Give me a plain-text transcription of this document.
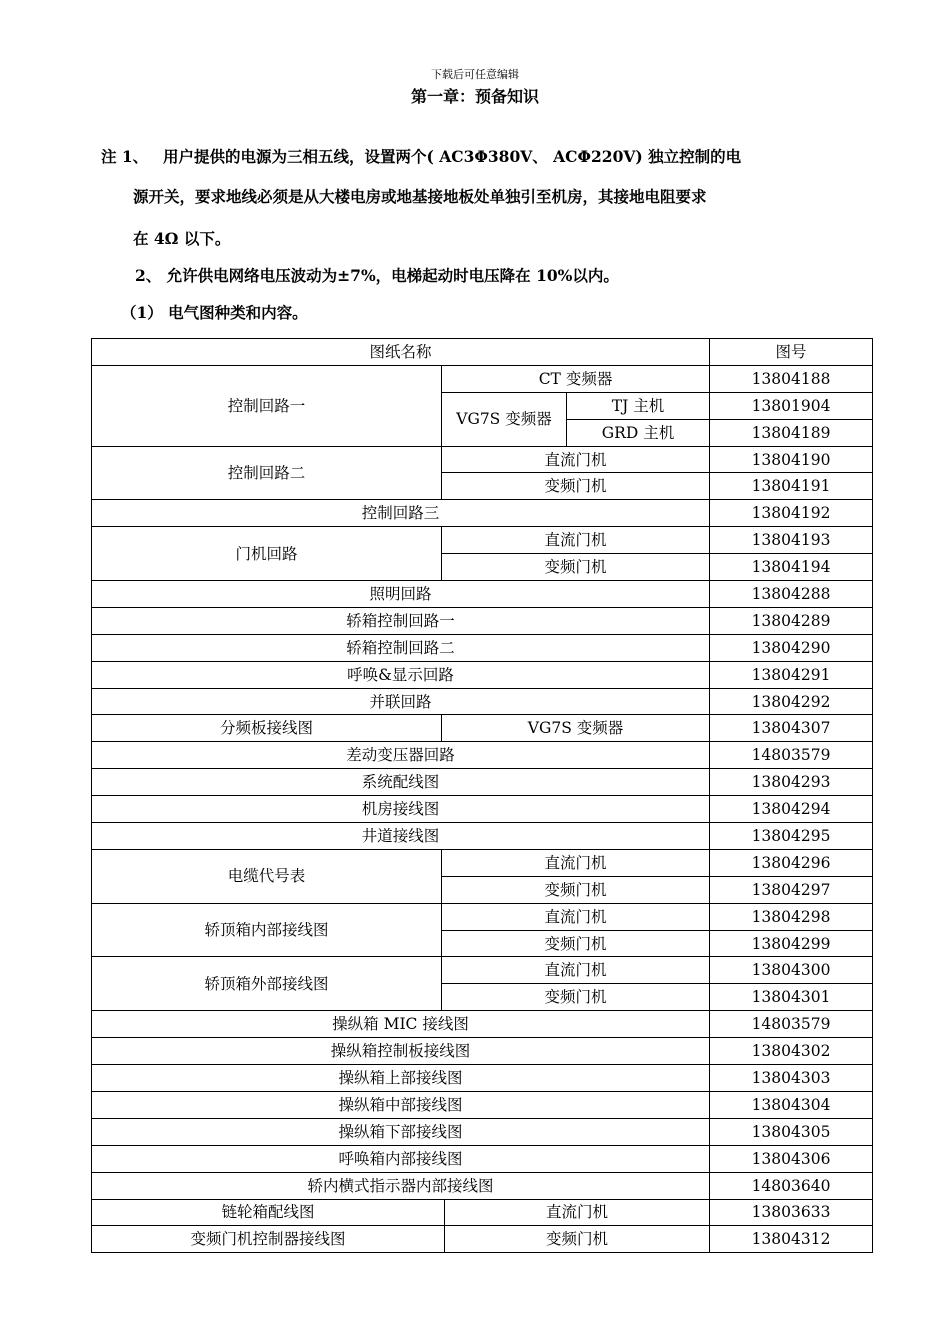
下载后可任意编辑
第一章：预备知识
注 1、 用户提供的电源为三相五线，设置两个( AC3Φ380V、 ACΦ220V) 独立控制的电
源开关，要求地线必须是从大楼电房或地基接地板处单独引至机房，其接地电阻要求
在 4Ω 以下。
2、 允许供电网络电压波动为±7%，电梯起动时电压降在 10%以内。
（1） 电气图种类和内容。
图纸名称				图号
控制回路一	CT 变频器			13804188
	VG7S 变频器		TJ 主机	13801904
			GRD 主机	13804189
控制回路二	直流门机			13804190
	变频门机			13804191
控制回路三				13804192
门机回路	直流门机			13804193
	变频门机			13804194
照明回路				13804288
轿箱控制回路一				13804289
轿箱控制回路二				13804290
呼唤&显示回路				13804291
并联回路				13804292
分频板接线图	VG7S 变频器			13804307
差动变压器回路				14803579
系统配线图				13804293
机房接线图				13804294
井道接线图				13804295
电缆代号表	直流门机			13804296
	变频门机			13804297
轿顶箱内部接线图	直流门机			13804298
	变频门机			13804299
轿顶箱外部接线图	直流门机			13804300
	变频门机			13804301
操纵箱 MIC 接线图				14803579
操纵箱控制板接线图				13804302
操纵箱上部接线图				13804303
操纵箱中部接线图				13804304
操纵箱下部接线图				13804305
呼唤箱内部接线图				13804306
轿内横式指示器内部接线图				14803640
链轮箱配线图		直流门机		13803633
变频门机控制器接线图		变频门机		13804312
